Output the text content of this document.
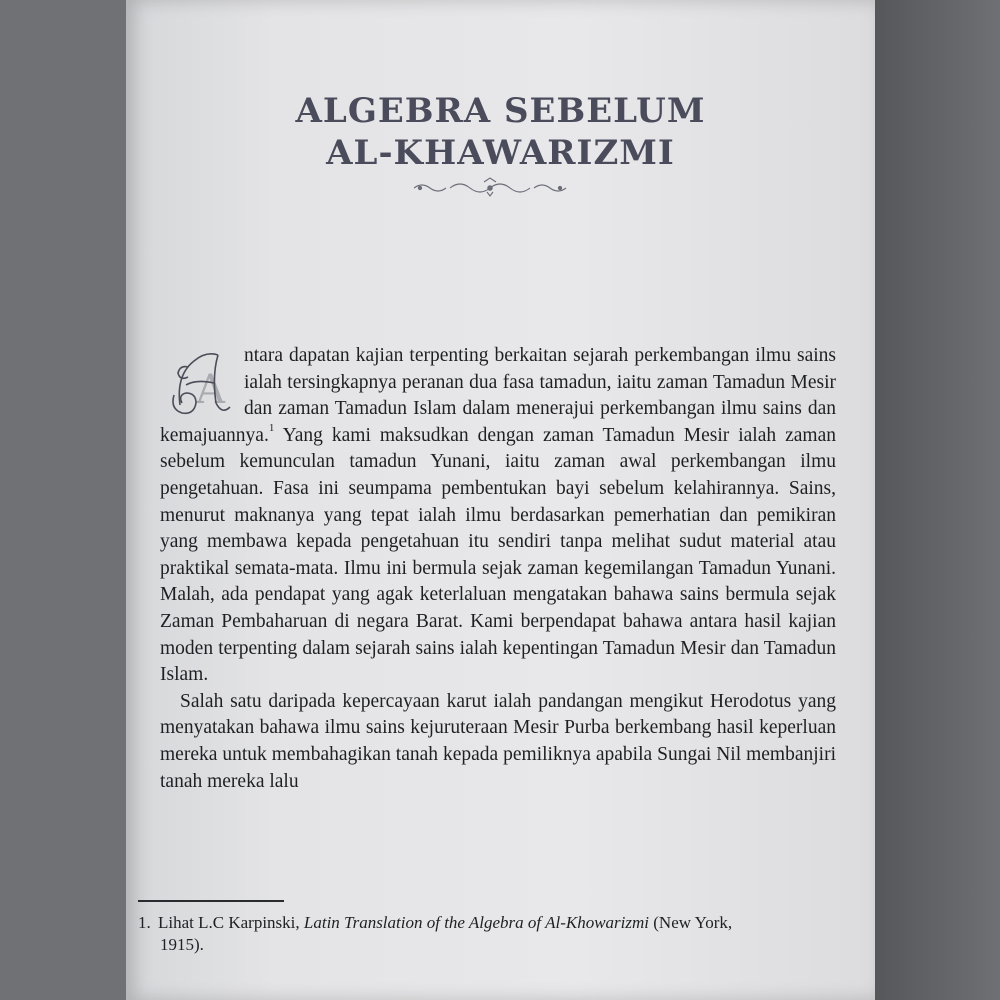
ALGEBRA SEBELUM
AL-KHAWARIZMI
A

ntara dapatan kajian terpenting berkaitan sejarah perkembangan ilmu sains ialah tersingkapnya peranan dua fasa tamadun, iaitu zaman Tamadun Mesir dan zaman Tamadun Islam dalam menerajui perkembangan ilmu sains dan kemajuannya.$^1$ Yang kami maksudkan dengan zaman Tamadun Mesir ialah zaman sebelum kemunculan tamadun Yunani, iaitu zaman awal perkembangan ilmu pengetahuan. Fasa ini seumpama pembentukan bayi sebelum kelahirannya. Sains, menurut maknanya yang tepat ialah ilmu berdasarkan pemerhatian dan pemikiran yang membawa kepada pengetahuan itu sendiri tanpa melihat sudut material atau praktikal semata-mata. Ilmu ini bermula sejak zaman kegemilangan Tamadun Yunani. Malah, ada pendapat yang agak keterlaluan mengatakan bahawa sains bermula sejak Zaman Pembaharuan di negara Barat. Kami berpendapat bahawa antara hasil kajian moden terpenting dalam sejarah sains ialah kepentingan Tamadun Mesir dan Tamadun Islam.

Salah satu daripada kepercayaan karut ialah pandangan mengikut Herodotus yang menyatakan bahawa ilmu sains kejuruteraan Mesir Purba berkembang hasil keperluan mereka untuk membahagikan tanah kepada pemiliknya apabila Sungai Nil membanjiri tanah mereka lalu

1. Lihat L.C Karpinski, Latin Translation of the Algebra of Al-Khowarizmi (New York,
1915).
